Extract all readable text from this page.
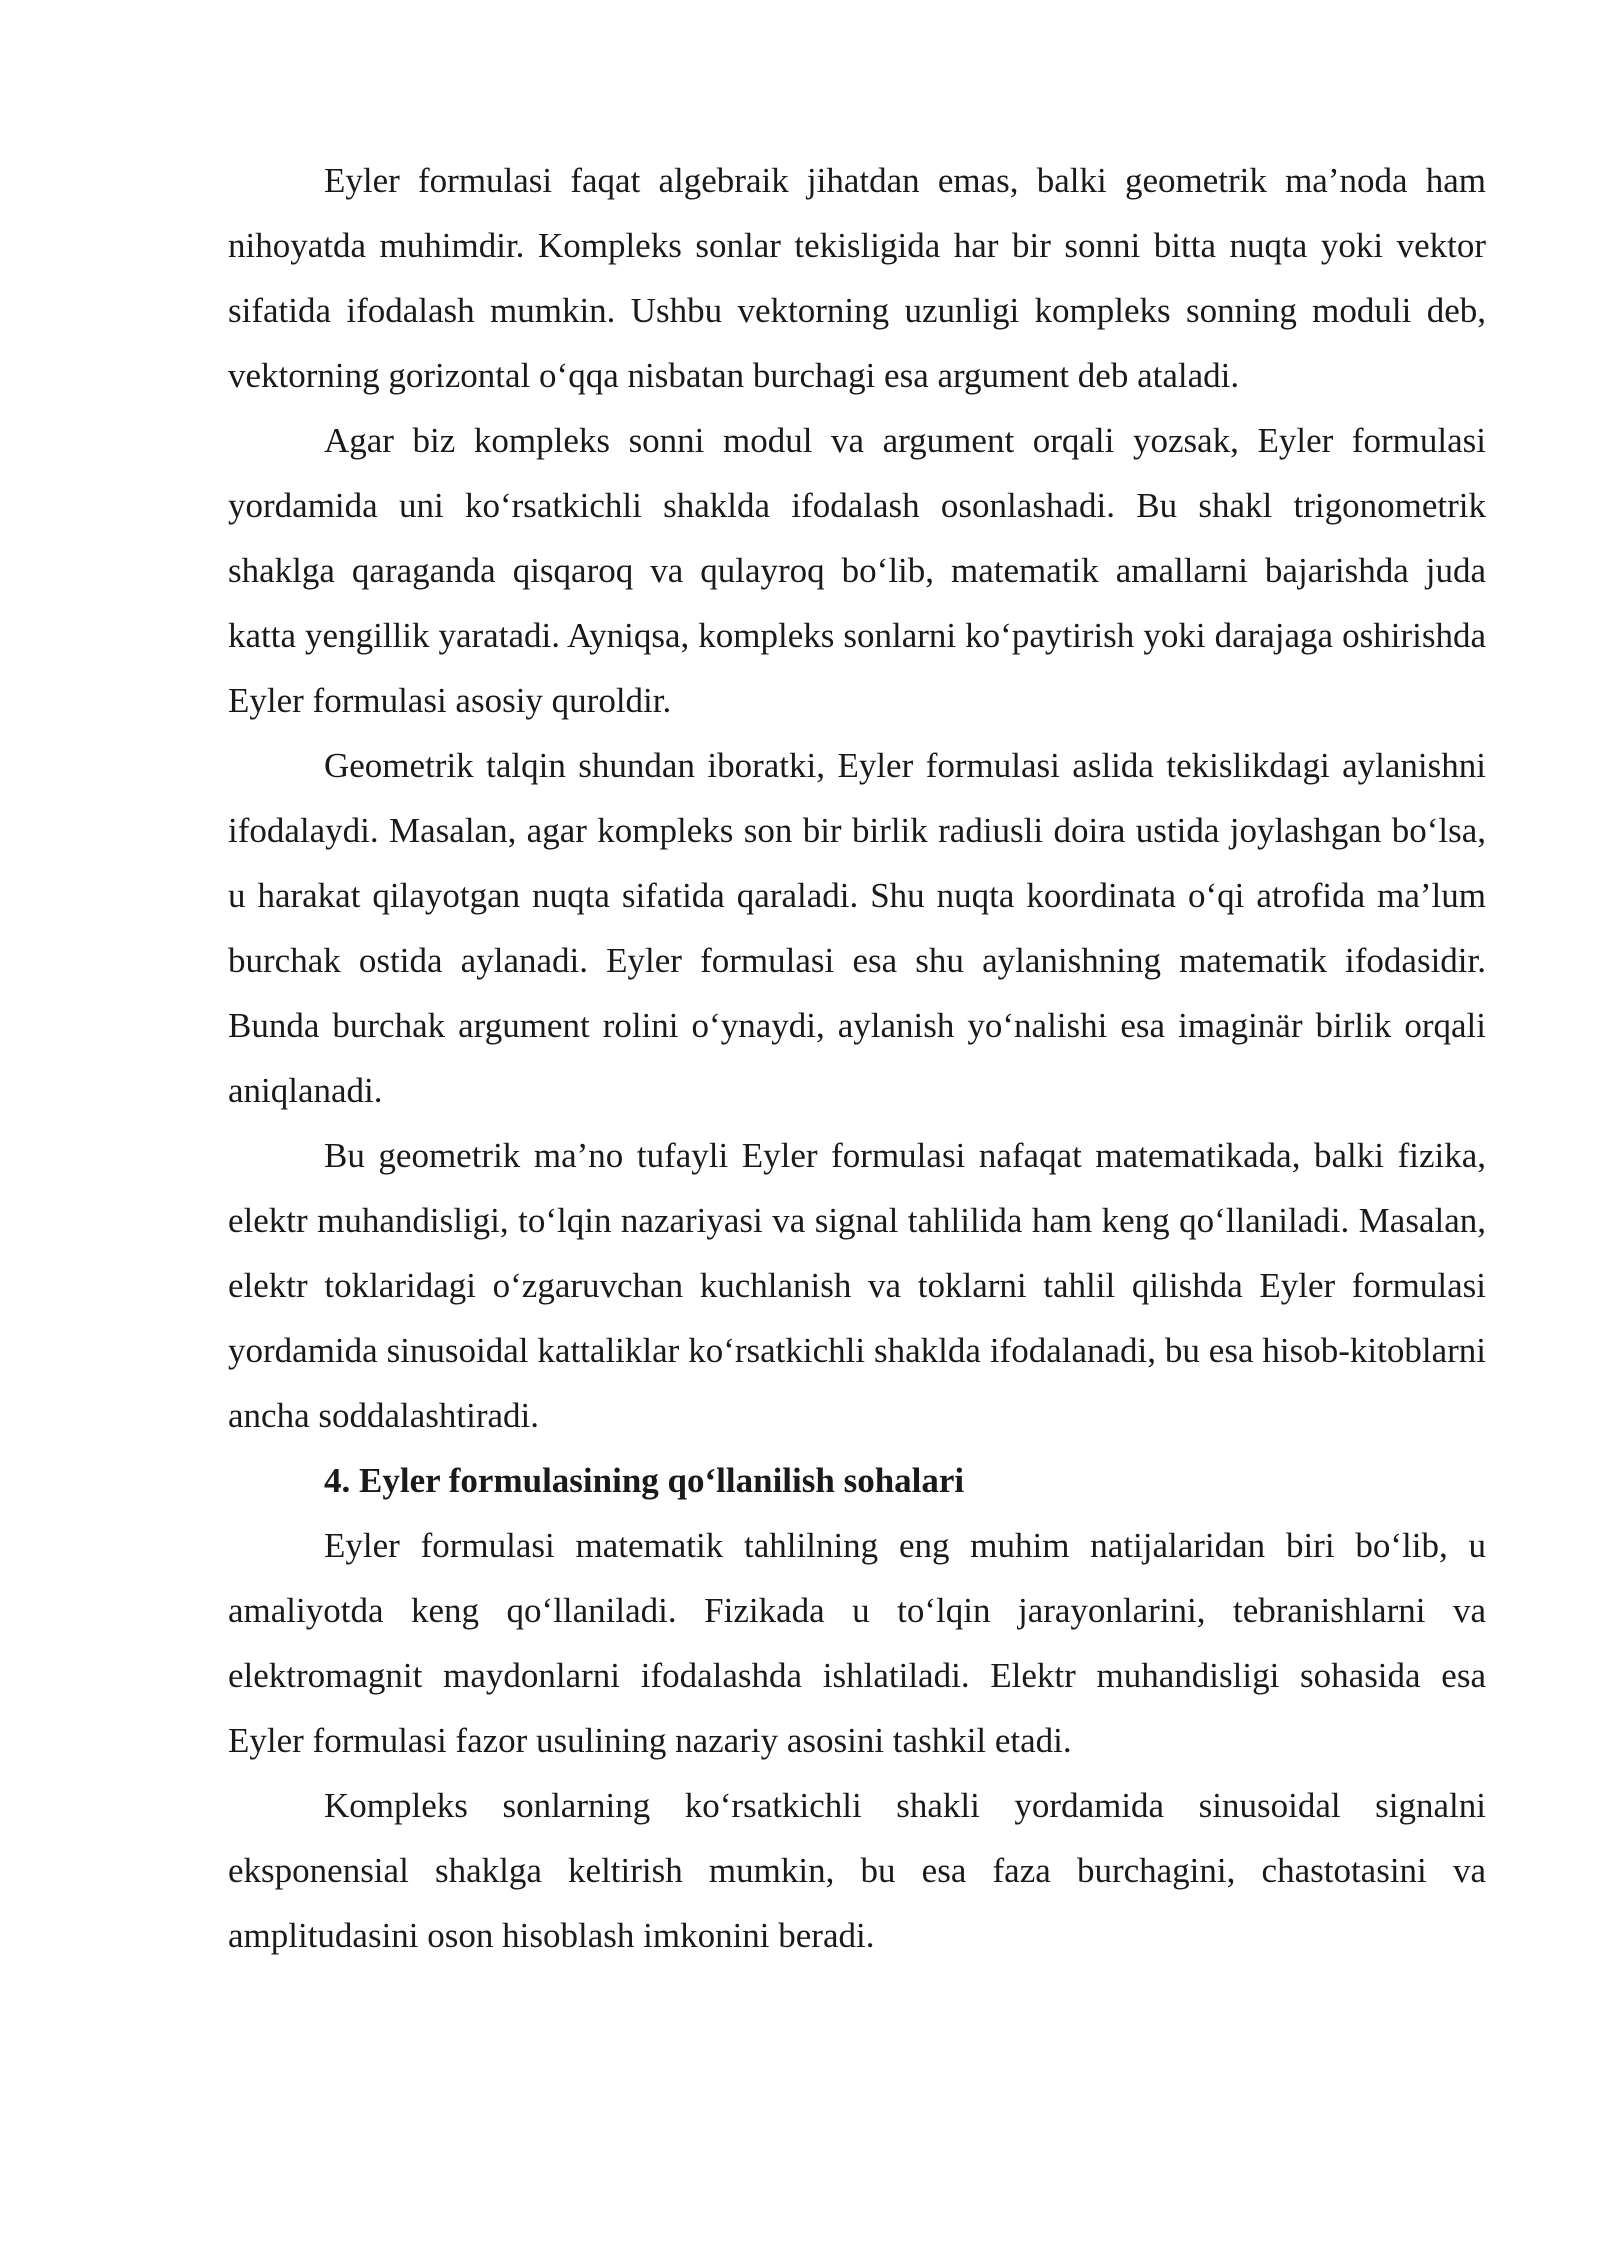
Eyler formulasi faqat algebraik jihatdan emas, balki geometrik ma’noda ham nihoyatda muhimdir. Kompleks sonlar tekisligida har bir sonni bitta nuqta yoki vektor sifatida ifodalash mumkin. Ushbu vektorning uzunligi kompleks sonning moduli deb, vektorning gorizontal o‘qqa nisbatan burchagi esa argument deb ataladi.

Agar biz kompleks sonni modul va argument orqali yozsak, Eyler formulasi yordamida uni ko‘rsatkichli shaklda ifodalash osonlashadi. Bu shakl trigonometrik shaklga qaraganda qisqaroq va qulayroq bo‘lib, matematik amallarni bajarishda juda katta yengillik yaratadi. Ayniqsa, kompleks sonlarni ko‘paytirish yoki darajaga oshirishda Eyler formulasi asosiy quroldir.

Geometrik talqin shundan iboratki, Eyler formulasi aslida tekislikdagi aylanishni ifodalaydi. Masalan, agar kompleks son bir birlik radiusli doira ustida joylashgan bo‘lsa, u harakat qilayotgan nuqta sifatida qaraladi. Shu nuqta koordinata o‘qi atrofida ma’lum burchak ostida aylanadi. Eyler formulasi esa shu aylanishning matematik ifodasidir. Bunda burchak argument rolini o‘ynaydi, aylanish yo‘nalishi esa imaginär birlik orqali aniqlanadi.

Bu geometrik ma’no tufayli Eyler formulasi nafaqat matematikada, balki fizika, elektr muhandisligi, to‘lqin nazariyasi va signal tahlilida ham keng qo‘llaniladi. Masalan, elektr toklaridagi o‘zgaruvchan kuchlanish va toklarni tahlil qilishda Eyler formulasi yordamida sinusoidal kattaliklar ko‘rsatkichli shaklda ifodalanadi, bu esa hisob-kitoblarni ancha soddalashtiradi.

4. Eyler formulasining qo‘llanilish sohalari

Eyler formulasi matematik tahlilning eng muhim natijalaridan biri bo‘lib, u amaliyotda keng qo‘llaniladi. Fizikada u to‘lqin jarayonlarini, tebranishlarni va elektromagnit maydonlarni ifodalashda ishlatiladi. Elektr muhandisligi sohasida esa Eyler formulasi fazor usulining nazariy asosini tashkil etadi.

Kompleks sonlarning ko‘rsatkichli shakli yordamida sinusoidal signalni eksponensial shaklga keltirish mumkin, bu esa faza burchagini, chastotasini va amplitudasini oson hisoblash imkonini beradi.
